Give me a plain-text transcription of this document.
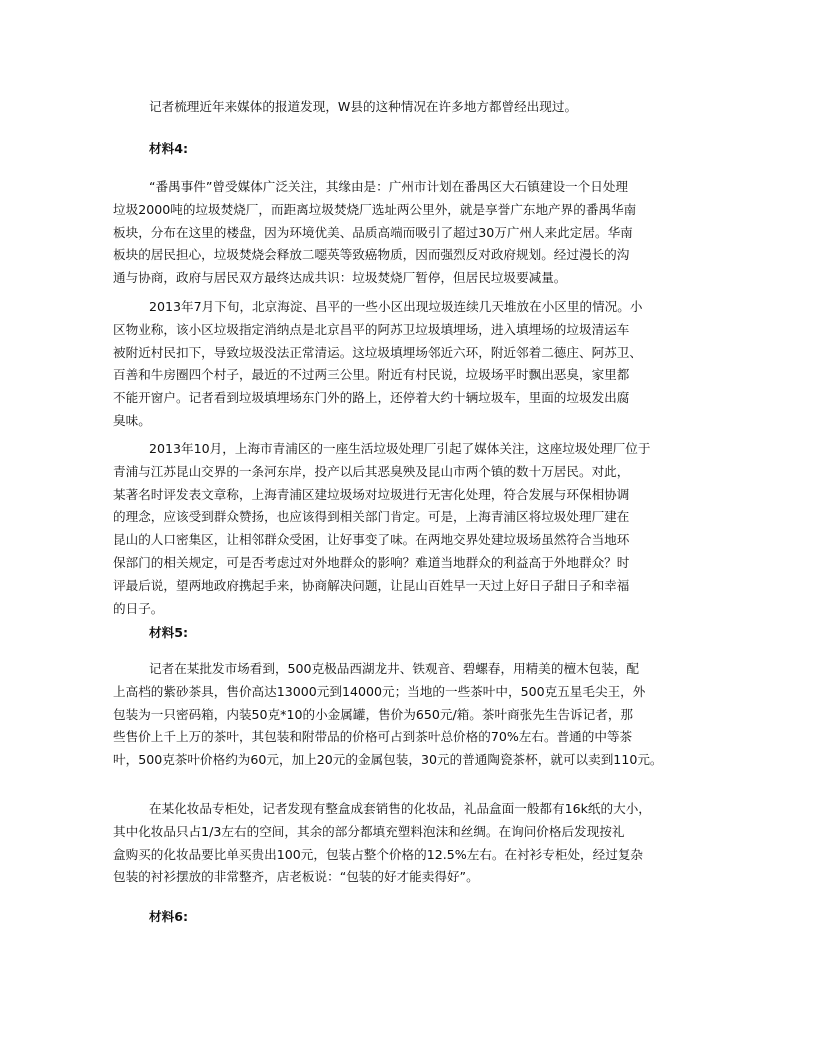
记者梳理近年来媒体的报道发现，W县的这种情况在许多地方都曾经出现过。

材料4:

“番禺事件”曾受媒体广泛关注，其缘由是：广州市计划在番禺区大石镇建设一个日处理
垃圾2000吨的垃圾焚烧厂，而距离垃圾焚烧厂选址两公里外，就是享誉广东地产界的番禺华南
板块，分布在这里的楼盘，因为环境优美、品质高端而吸引了超过30万广州人来此定居。华南
板块的居民担心，垃圾焚烧会释放二噁英等致癌物质，因而强烈反对政府规划。经过漫长的沟
通与协商，政府与居民双方最终达成共识：垃圾焚烧厂暂停，但居民垃圾要减量。
2013年7月下旬，北京海淀、昌平的一些小区出现垃圾连续几天堆放在小区里的情况。小
区物业称，该小区垃圾指定消纳点是北京昌平的阿苏卫垃圾填埋场，进入填埋场的垃圾清运车
被附近村民扣下，导致垃圾没法正常清运。这垃圾填埋场邻近六环，附近邻着二德庄、阿苏卫、
百善和牛房圈四个村子，最近的不过两三公里。附近有村民说，垃圾场平时飘出恶臭，家里都
不能开窗户。记者看到垃圾填埋场东门外的路上，还停着大约十辆垃圾车，里面的垃圾发出腐
臭味。
2013年10月，上海市青浦区的一座生活垃圾处理厂引起了媒体关注，这座垃圾处理厂位于
青浦与江苏昆山交界的一条河东岸，投产以后其恶臭殃及昆山市两个镇的数十万居民。对此，
某著名时评发表文章称，上海青浦区建垃圾场对垃圾进行无害化处理，符合发展与环保相协调
的理念，应该受到群众赞扬，也应该得到相关部门肯定。可是，上海青浦区将垃圾处理厂建在
昆山的人口密集区，让相邻群众受困，让好事变了味。在两地交界处建垃圾场虽然符合当地环
保部门的相关规定，可是否考虑过对外地群众的影响？难道当地群众的利益高于外地群众？时
评最后说，望两地政府携起手来，协商解决问题，让昆山百姓早一天过上好日子甜日子和幸福
的日子。

材料5:

记者在某批发市场看到，500克极品西湖龙井、铁观音、碧螺春，用精美的檀木包装，配
上高档的紫砂茶具，售价高达13000元到14000元；当地的一些茶叶中，500克五星毛尖王，外
包装为一只密码箱，内装50克*10的小金属罐，售价为650元/箱。茶叶商张先生告诉记者，那
些售价上千上万的茶叶，其包装和附带品的价格可占到茶叶总价格的70%左右。普通的中等茶
叶，500克茶叶价格约为60元，加上20元的金属包装，30元的普通陶瓷茶杯，就可以卖到110元。
在某化妆品专柜处，记者发现有整盒成套销售的化妆品，礼品盒面一般都有16k纸的大小，
其中化妆品只占1/3左右的空间，其余的部分都填充塑料泡沫和丝绸。在询问价格后发现按礼
盒购买的化妆品要比单买贵出100元，包装占整个价格的12.5%左右。在衬衫专柜处，经过复杂
包装的衬衫摆放的非常整齐，店老板说：“包装的好才能卖得好”。

材料6:
